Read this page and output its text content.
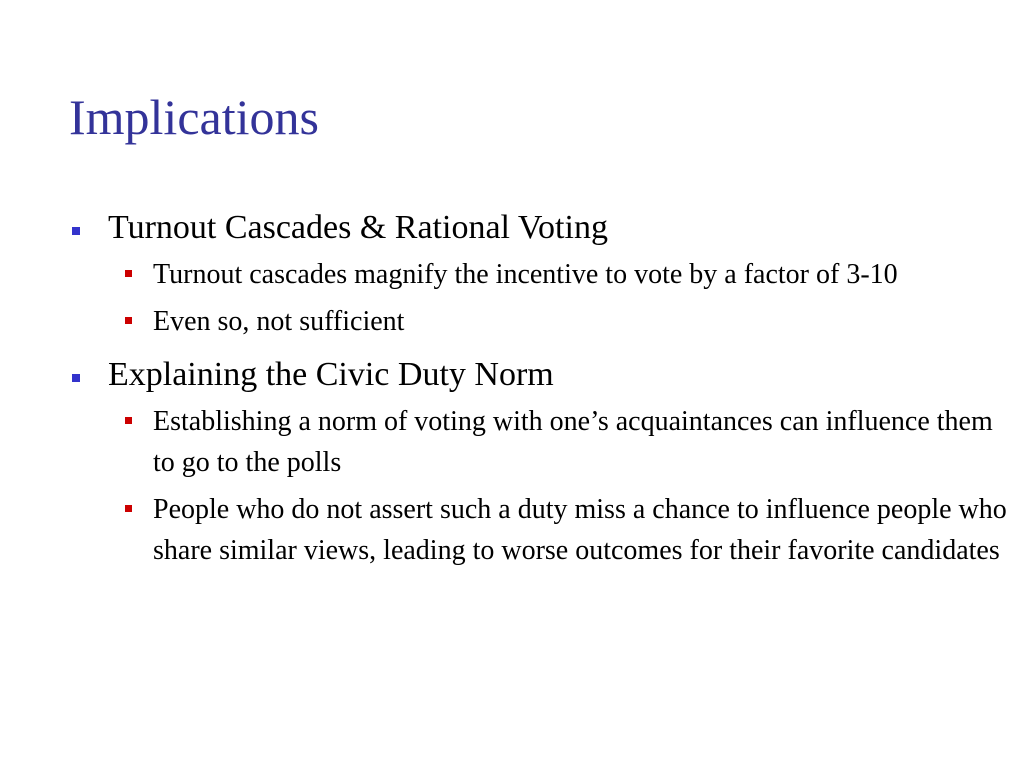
Implications
Turnout Cascades & Rational Voting
Turnout cascades magnify the incentive to vote by a factor of 3-10
Even so, not sufficient
Explaining the Civic Duty Norm
Establishing a norm of voting with one’s acquaintances can influence them to go to the polls
People who do not assert such a duty miss a chance to influence people who share similar views, leading to worse outcomes for their favorite candidates
